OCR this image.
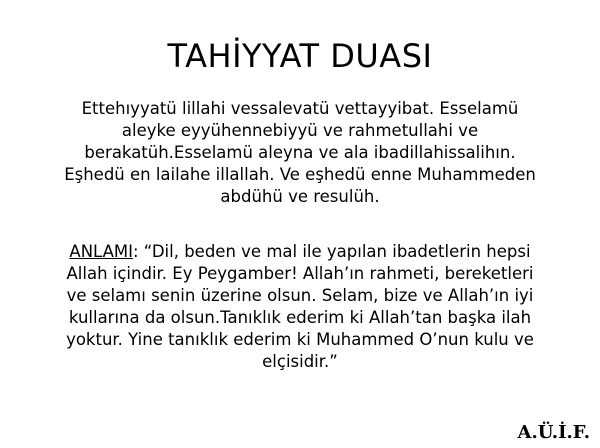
TAHİYYAT DUASI
Ettehıyyatü lillahi vessalevatü vettayyibat. Esselamü
aleyke eyyühennebiyyü ve rahmetullahi ve
berakatüh.Esselamü aleyna ve ala ibadillahissalihın.
Eşhedü en lailahe illallah. Ve eşhedü enne Muhammeden
abdühü ve resulüh.
ANLAMI: “Dil, beden ve mal ile yapılan ibadetlerin hepsi
Allah içindir. Ey Peygamber! Allah’ın rahmeti, bereketleri
ve selamı senin üzerine olsun. Selam, bize ve Allah’ın iyi
kullarına da olsun.Tanıklık ederim ki Allah’tan başka ilah
yoktur. Yine tanıklık ederim ki Muhammed O’nun kulu ve
elçisidir.”
A.Ü.İ.F.
